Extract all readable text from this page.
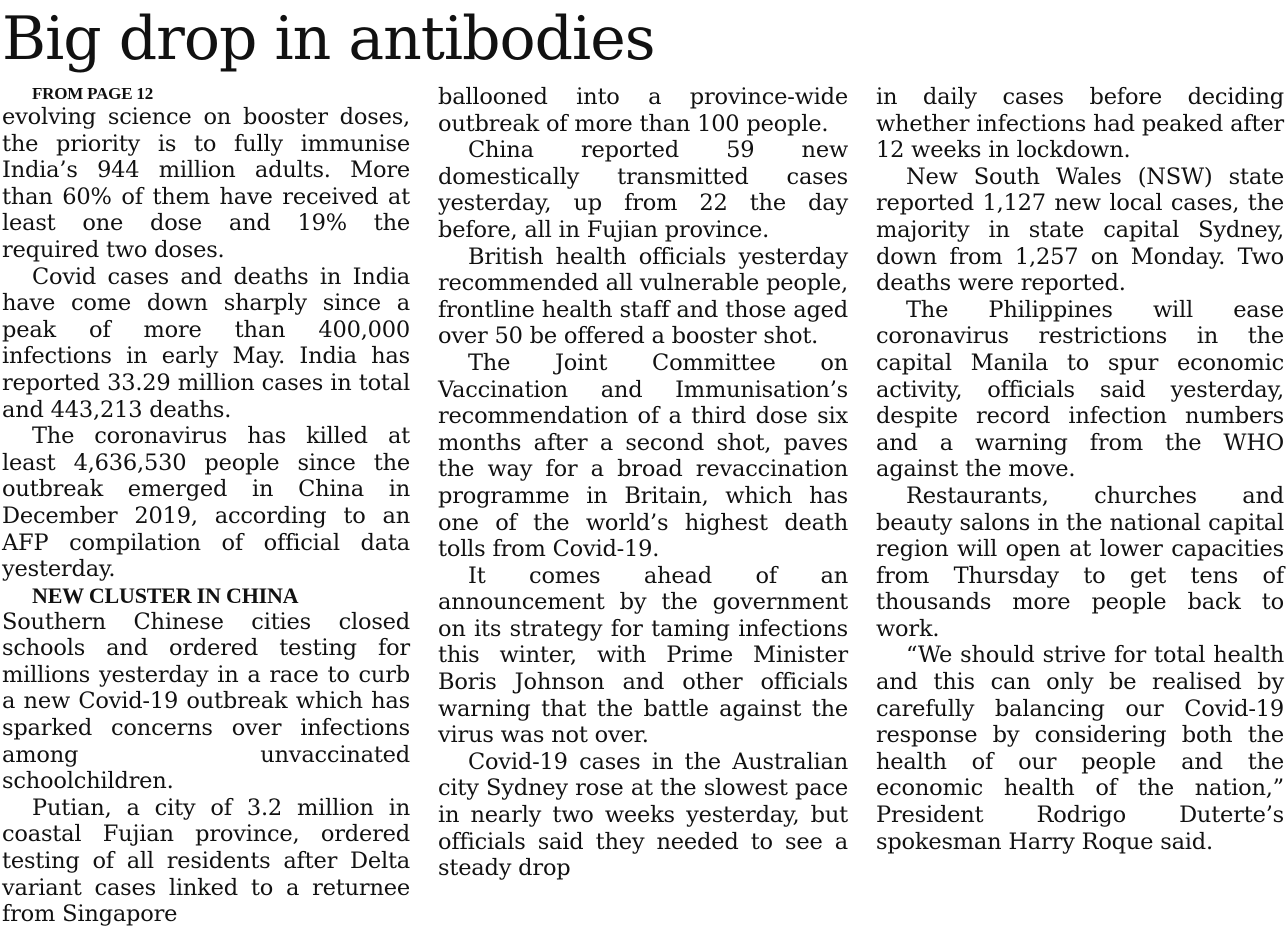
Big drop in antibodies

FROM PAGE 12

evolving science on booster doses, the priority is to fully immunise India’s 944 million adults. More than 60% of them have received at least one dose and 19% the required two doses.

Covid cases and deaths in India have come down sharply since a peak of more than 400,000 infections in early May. India has reported 33.29 million cases in total and 443,213 deaths.

The coronavirus has killed at least 4,636,530 people since the outbreak emerged in China in December 2019, according to an AFP compilation of official data yesterday.

NEW CLUSTER IN CHINA

Southern Chinese cities closed schools and ordered testing for millions yesterday in a race to curb a new Covid-19 outbreak which has sparked concerns over infections among unvaccinated schoolchildren.

Putian, a city of 3.2 million in coastal Fujian province, ordered testing of all residents after Delta variant cases linked to a returnee from Singapore

ballooned into a province-wide outbreak of more than 100 people.

China reported 59 new domestically transmitted cases yesterday, up from 22 the day before, all in Fujian province.

British health officials yesterday recommended all vulnerable people, frontline health staff and those aged over 50 be offered a booster shot.

The Joint Committee on Vaccination and Immunisation’s recommendation of a third dose six months after a second shot, paves the way for a broad revaccination programme in Britain, which has one of the world’s highest death tolls from Covid-19.

It comes ahead of an announcement by the government on its strategy for taming infections this winter, with Prime Minister Boris Johnson and other officials warning that the battle against the virus was not over.

Covid-19 cases in the Australian city Sydney rose at the slowest pace in nearly two weeks yesterday, but officials said they needed to see a steady drop

in daily cases before deciding whether infections had peaked after 12 weeks in lockdown.

New South Wales (NSW) state reported 1,127 new local cases, the majority in state capital Sydney, down from 1,257 on Monday. Two deaths were reported.

The Philippines will ease coronavirus restrictions in the capital Manila to spur economic activity, officials said yesterday, despite record infection numbers and a warning from the WHO against the move.

Restaurants, churches and beauty salons in the national capital region will open at lower capacities from Thursday to get tens of thousands more people back to work.

“We should strive for total health and this can only be realised by carefully balancing our Covid-19 response by considering both the health of our people and the economic health of the nation,” President Rodrigo Duterte’s spokesman Harry Roque said.
